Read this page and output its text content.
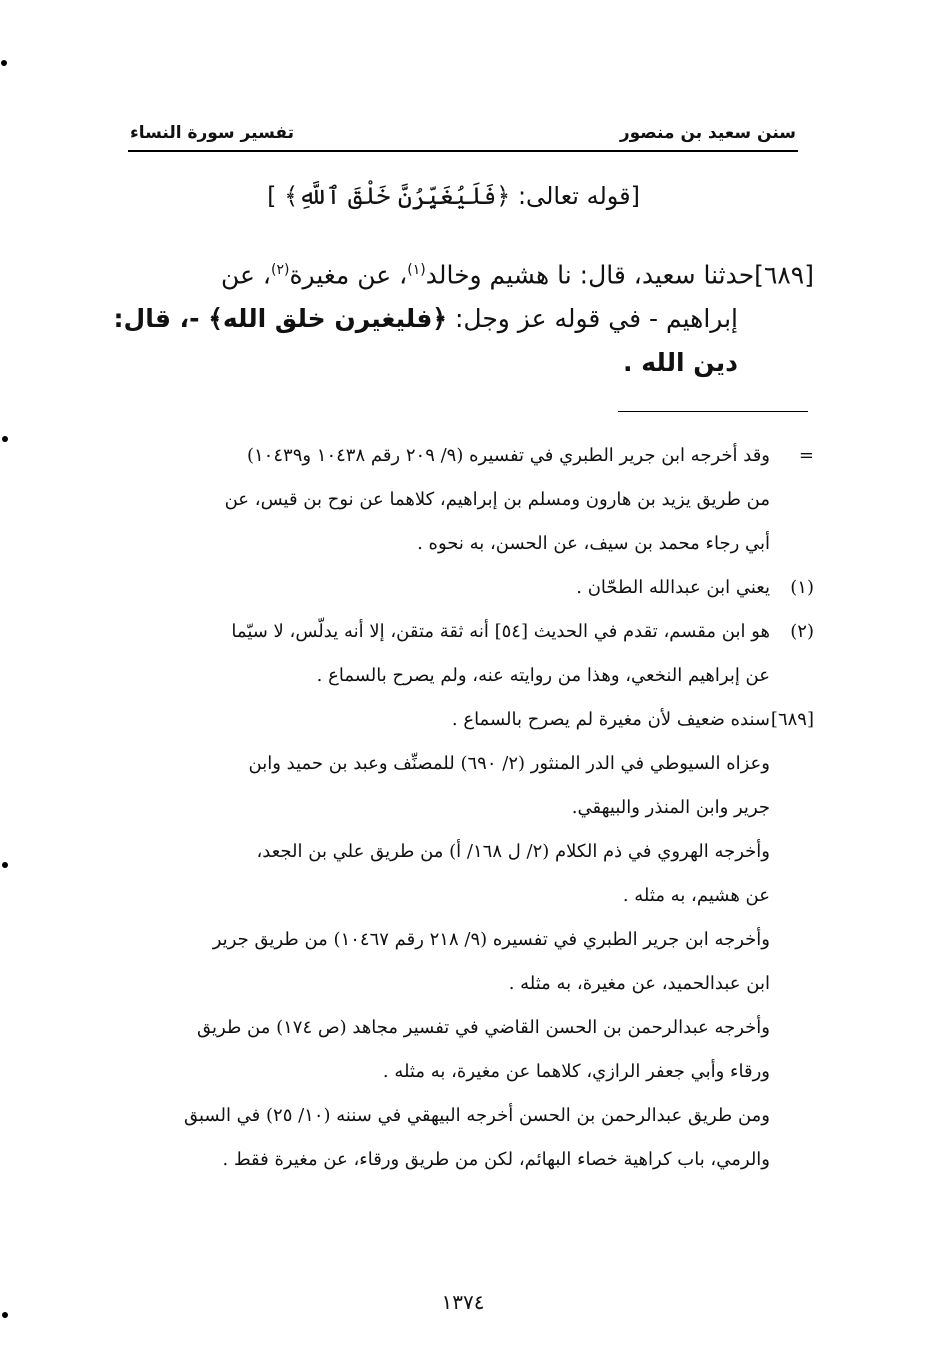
سنن سعيد بن منصور
تفسير سورة النساء
[قوله تعالى: ﴿فَلَيُغَيِّرُنَّ خَلْقَ ٱللَّهِ﴾ ]
[٦٨٩]حدثنا سعيد، قال: نا هشيم وخالد$^{(١)}$، عن مغيرة$^{(٢)}$، عن
إبراهيم - في قوله عز وجل: ﴿فليغيرن خلق الله﴾ -، قال:
دين الله .
=وقد أخرجه ابن جرير الطبري في تفسيره (٩/ ٢٠٩ رقم ١٠٤٣٨ و١٠٤٣٩)
من طريق يزيد بن هارون ومسلم بن إبراهيم، كلاهما عن نوح بن قيس، عن
أبي رجاء محمد بن سيف، عن الحسن، به نحوه .
(١)يعني ابن عبدالله الطحّان .
(٢)هو ابن مقسم، تقدم في الحديث [٥٤] أنه ثقة متقن، إلا أنه يدلّس، لا سيّما
عن إبراهيم النخعي، وهذا من روايته عنه، ولم يصرح بالسماع .
[٦٨٩]سنده ضعيف لأن مغيرة لم يصرح بالسماع .
وعزاه السيوطي في الدر المنثور (٢/ ٦٩٠) للمصنِّف وعبد بن حميد وابن
جرير وابن المنذر والبيهقي.
وأخرجه الهروي في ذم الكلام (٢/ ل ١٦٨/ أ) من طريق علي بن الجعد،
عن هشيم، به مثله .
وأخرجه ابن جرير الطبري في تفسيره (٩/ ٢١٨ رقم ١٠٤٦٧) من طريق جرير
ابن عبدالحميد، عن مغيرة، به مثله .
وأخرجه عبدالرحمن بن الحسن القاضي في تفسير مجاهد (ص ١٧٤) من طريق
ورقاء وأبي جعفر الرازي، كلاهما عن مغيرة، به مثله .
ومن طريق عبدالرحمن بن الحسن أخرجه البيهقي في سننه (١٠/ ٢٥) في السبق
والرمي، باب كراهية خصاء البهائم، لكن من طريق ورقاء، عن مغيرة فقط .
١٣٧٤
